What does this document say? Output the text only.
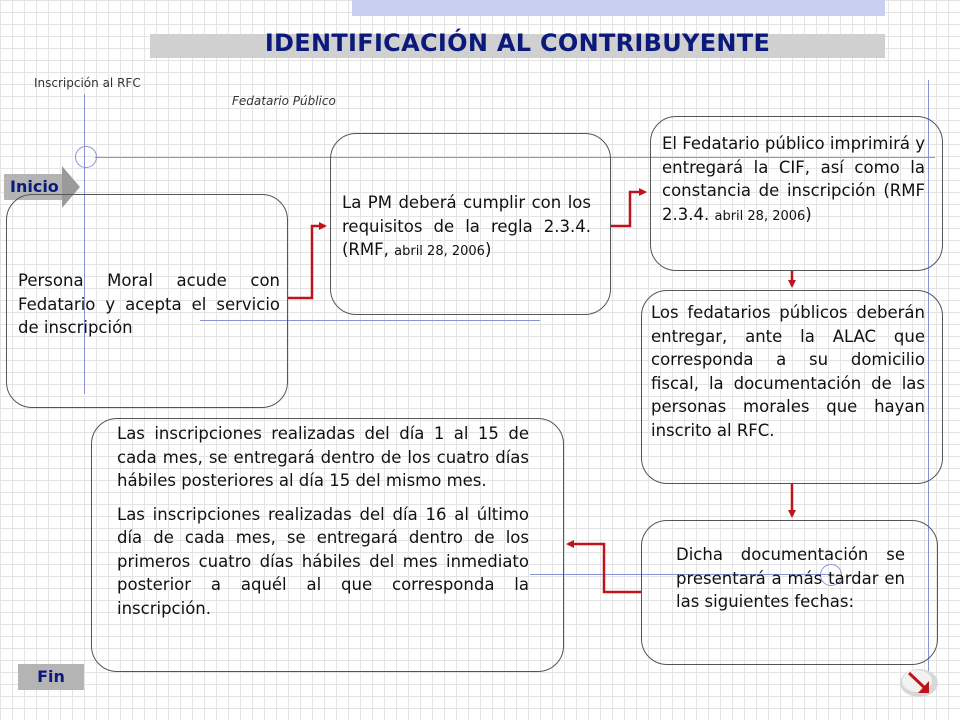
IDENTIFICACIÓN AL CONTRIBUYENTE
Inscripción al RFC
Fedatario Público
Inicio
Fin
Persona Moral acude con Fedatario y acepta el servicio de inscripción
La PM deberá cumplir con los requisitos de la regla 2.3.4. (RMF, abril 28, 2006)
El Fedatario público imprimirá y entregará la CIF, así como la constancia de inscripción (RMF 2.3.4. abril 28, 2006)
Los fedatarios públicos deberán entregar, ante la ALAC que corresponda a su domicilio fiscal, la documentación de las personas morales que hayan inscrito al RFC.
Dicha documentación se presentará a más tardar en las siguientes fechas:

Las inscripciones realizadas del día 1 al 15 de cada mes, se entregará dentro de los cuatro días hábiles posteriores al día 15 del mismo mes.

Las inscripciones realizadas del día 16 al último día de cada mes, se entregará dentro de los primeros cuatro días hábiles del mes inmediato posterior a aquél al que corresponda la inscripción.
